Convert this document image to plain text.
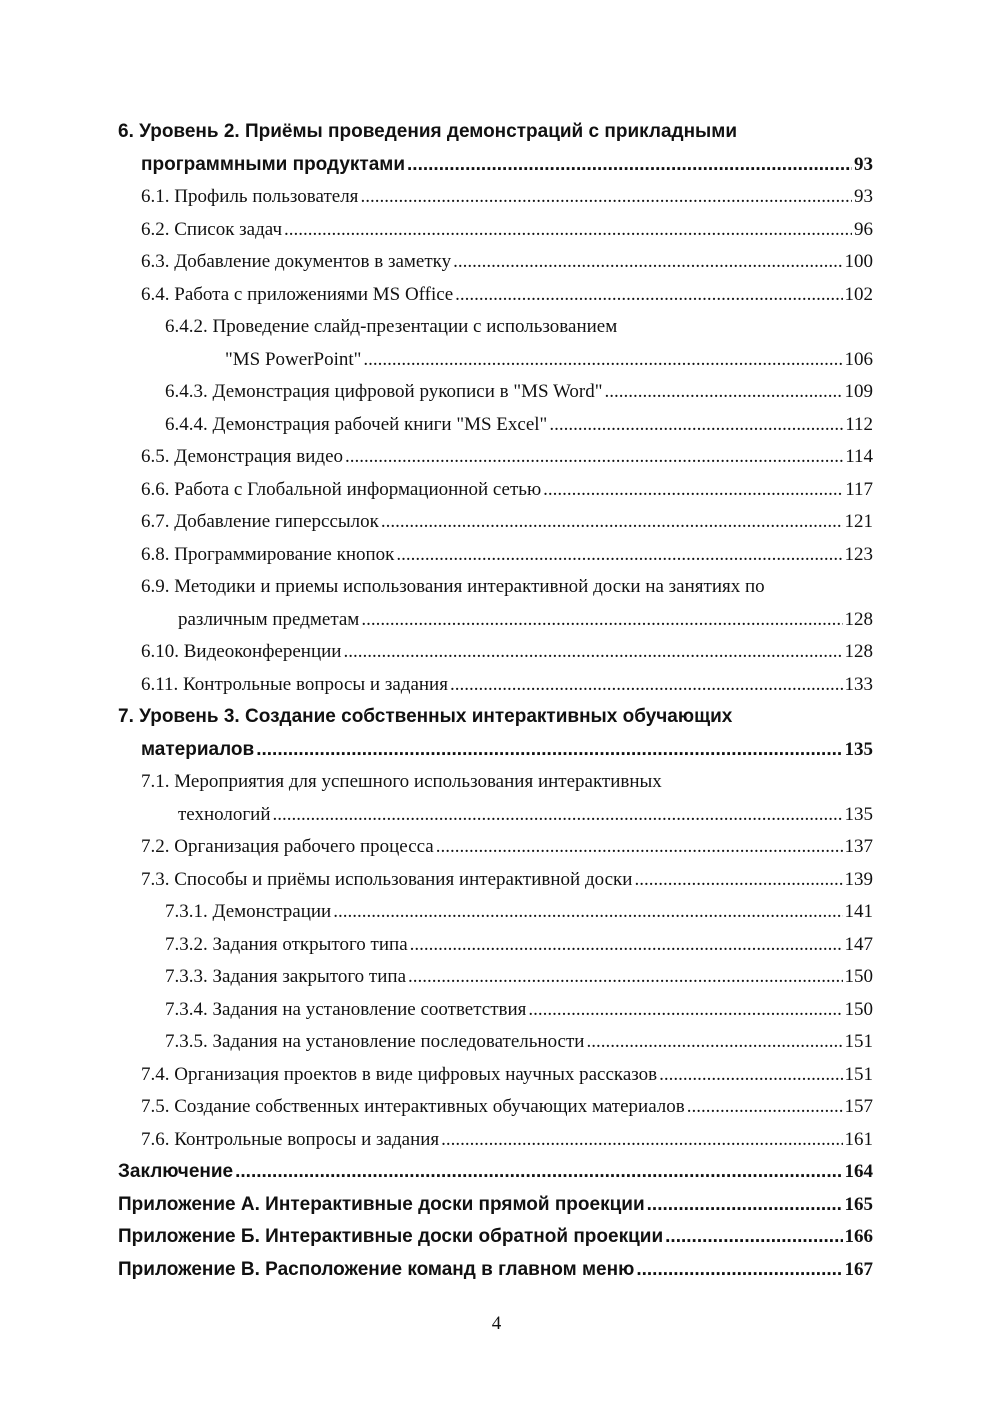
6. Уровень 2. Приёмы проведения демонстраций с прикладными
программными продуктами .....	93
6.1. Профиль пользователя .....	93
6.2. Список задач .....	96
6.3. Добавление документов в заметку .....	100
6.4. Работа с приложениями MS Office .....	102
6.4.2. Проведение слайд-презентации с использованием
"MS PowerPoint" .....	106
6.4.3. Демонстрация цифровой рукописи в "MS Word" .....	109
6.4.4. Демонстрация рабочей книги "MS Excel" .....	112
6.5. Демонстрация видео .....	114
6.6. Работа с Глобальной информационной сетью .....	117
6.7. Добавление гиперссылок .....	121
6.8. Программирование кнопок .....	123
6.9. Методики и приемы использования интерактивной доски на занятиях по
различным предметам .....	128
6.10. Видеоконференции .....	128
6.11. Контрольные вопросы и задания .....	133
7. Уровень 3. Создание собственных интерактивных обучающих
материалов .....	135
7.1. Мероприятия для успешного использования интерактивных
технологий .....	135
7.2. Организация рабочего процесса .....	137
7.3. Способы и приёмы использования интерактивной доски .....	139
7.3.1. Демонстрации .....	141
7.3.2. Задания открытого типа .....	147
7.3.3. Задания закрытого типа .....	150
7.3.4. Задания на установление соответствия .....	150
7.3.5. Задания на установление последовательности .....	151
7.4. Организация проектов в виде цифровых научных рассказов .....	151
7.5. Создание собственных интерактивных обучающих материалов .....	157
7.6. Контрольные вопросы и задания .....	161
Заключение .....	164
Приложение А. Интерактивные доски прямой проекции .....	165
Приложение Б. Интерактивные доски обратной проекции .....	166
Приложение В. Расположение команд в главном меню .....	167
4
